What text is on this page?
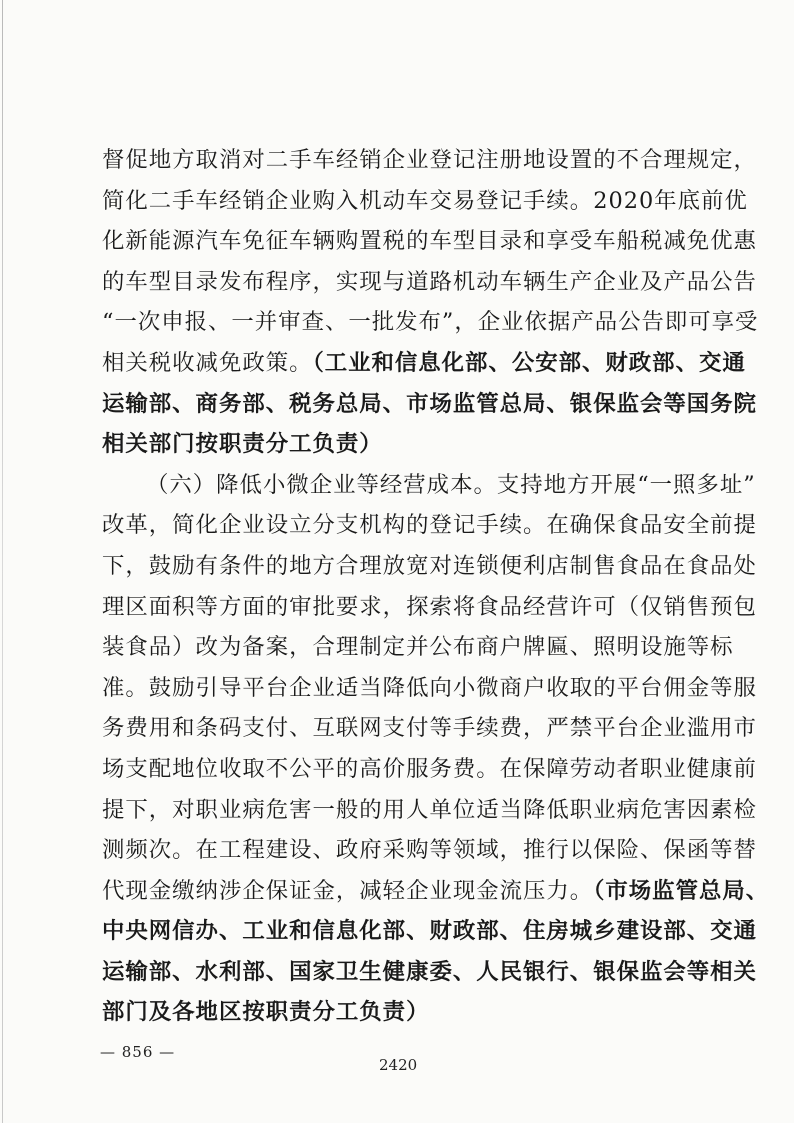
督促地方取消对二手车经销企业登记注册地设置的不合理规定，
简化二手车经销企业购入机动车交易登记手续。2020年底前优
化新能源汽车免征车辆购置税的车型目录和享受车船税减免优惠
的车型目录发布程序，实现与道路机动车辆生产企业及产品公告
“一次申报、一并审查、一批发布”，企业依据产品公告即可享受
相关税收减免政策。（工业和信息化部、公安部、财政部、交通
运输部、商务部、税务总局、市场监管总局、银保监会等国务院
相关部门按职责分工负责）
（六）降低小微企业等经营成本。支持地方开展“一照多址”
改革，简化企业设立分支机构的登记手续。在确保食品安全前提
下，鼓励有条件的地方合理放宽对连锁便利店制售食品在食品处
理区面积等方面的审批要求，探索将食品经营许可（仅销售预包
装食品）改为备案，合理制定并公布商户牌匾、照明设施等标
准。鼓励引导平台企业适当降低向小微商户收取的平台佣金等服
务费用和条码支付、互联网支付等手续费，严禁平台企业滥用市
场支配地位收取不公平的高价服务费。在保障劳动者职业健康前
提下，对职业病危害一般的用人单位适当降低职业病危害因素检
测频次。在工程建设、政府采购等领域，推行以保险、保函等替
代现金缴纳涉企保证金，减轻企业现金流压力。（市场监管总局、
中央网信办、工业和信息化部、财政部、住房城乡建设部、交通
运输部、水利部、国家卫生健康委、人民银行、银保监会等相关
部门及各地区按职责分工负责）
— 856 —
2420
